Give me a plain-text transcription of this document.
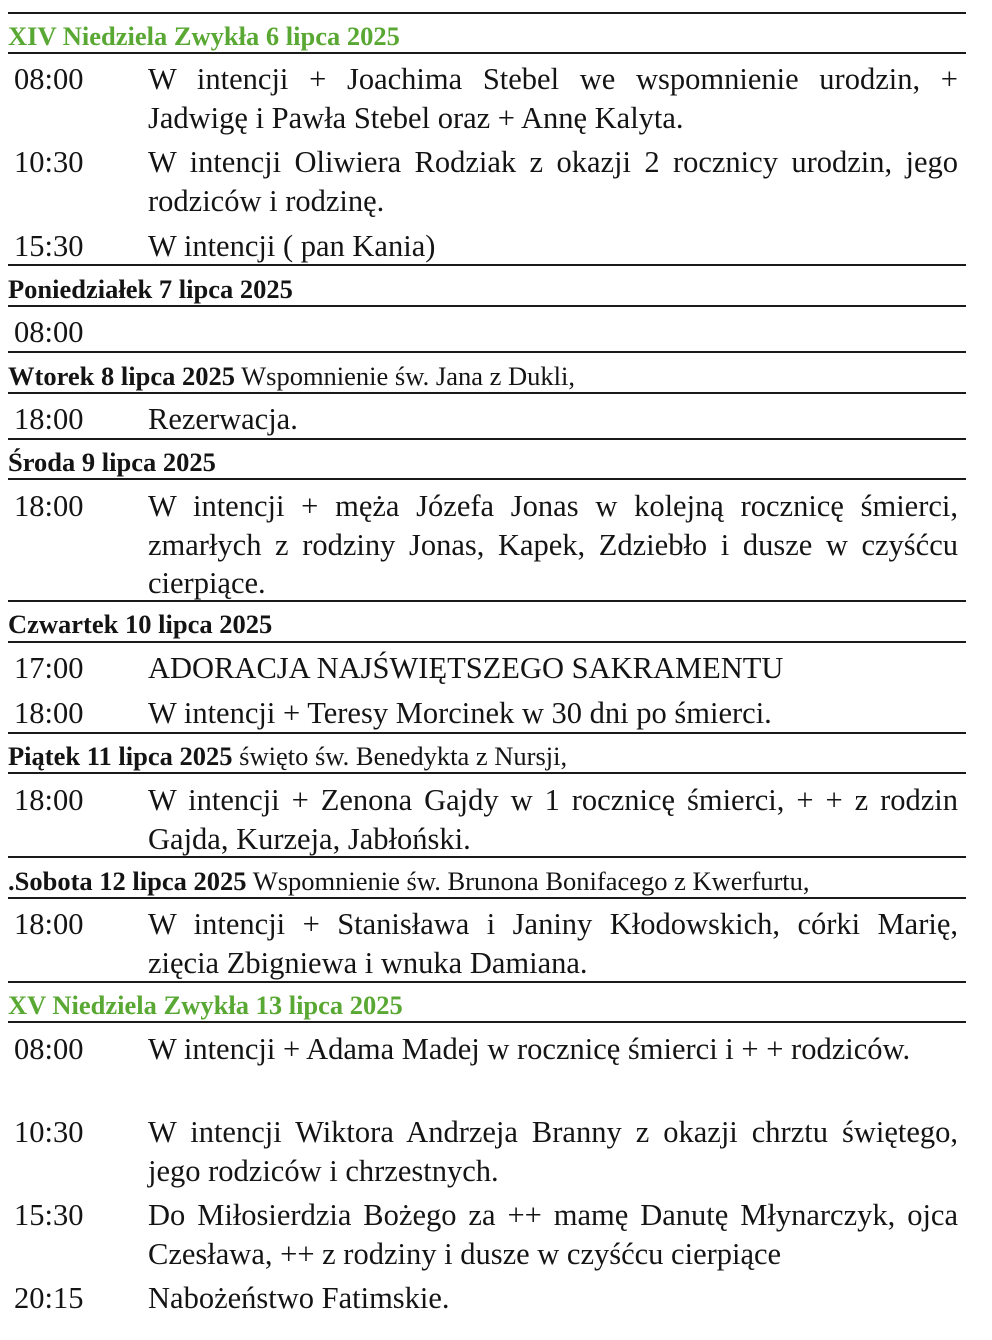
XIV Niedziela Zwykła 6 lipca 2025
08:00 W intencji + Joachima Stebel we wspomnienie urodzin, + Jadwigę i Pawła Stebel oraz + Annę Kalyta.
10:30 W intencji Oliwiera Rodziak z okazji 2 rocznicy urodzin, jego rodziców i rodzinę.
15:30 W intencji ( pan Kania)
Poniedziałek 7 lipca 2025
08:00
Wtorek 8 lipca 2025 Wspomnienie św. Jana z Dukli,
18:00 Rezerwacja.
Środa 9 lipca 2025
18:00 W intencji + męża Józefa Jonas w kolejną rocznicę śmierci, zmarłych z rodziny Jonas, Kapek, Zdziebło i dusze w czyśćcu cierpiące.
Czwartek 10 lipca 2025
17:00 ADORACJA NAJŚWIĘTSZEGO SAKRAMENTU
18:00 W intencji + Teresy Morcinek w 30 dni po śmierci.
Piątek 11 lipca 2025 święto św. Benedykta z Nursji,
18:00 W intencji + Zenona Gajdy w 1 rocznicę śmierci, + + z rodzin Gajda, Kurzeja, Jabłoński.
.Sobota 12 lipca 2025 Wspomnienie św. Brunona Bonifacego z Kwerfurtu,
18:00 W intencji + Stanisława i Janiny Kłodowskich, córki Marię, zięcia Zbigniewa i wnuka Damiana.
XV Niedziela Zwykła 13 lipca 2025
08:00 W intencji + Adama Madej w rocznicę śmierci i + + rodziców.
10:30 W intencji Wiktora Andrzeja Branny z okazji chrztu świętego, jego rodziców i chrzestnych.
15:30 Do Miłosierdzia Bożego za ++ mamę Danutę Młynarczyk, ojca Czesława, ++ z rodziny i dusze w czyśćcu cierpiące
20:15 Nabożeństwo Fatimskie.
